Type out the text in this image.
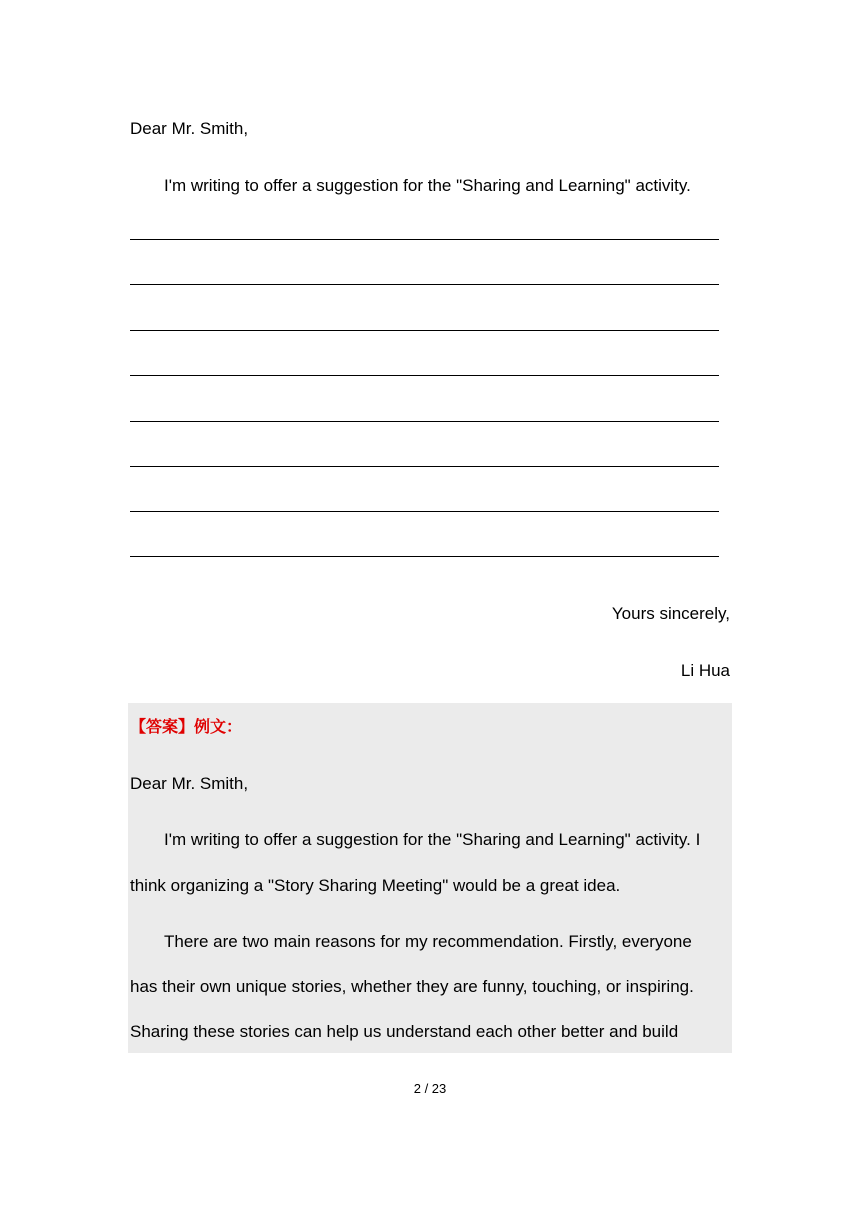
Dear Mr. Smith,
I'm writing to offer a suggestion for the "Sharing and Learning" activity.
Yours sincerely,
Li Hua
【答案】例文：
Dear Mr. Smith,
I'm writing to offer a suggestion for the "Sharing and Learning" activity. I
think organizing a "Story Sharing Meeting" would be a great idea.
There are two main reasons for my recommendation. Firstly, everyone
has their own unique stories, whether they are funny, touching, or inspiring.
Sharing these stories can help us understand each other better and build
2 / 23
